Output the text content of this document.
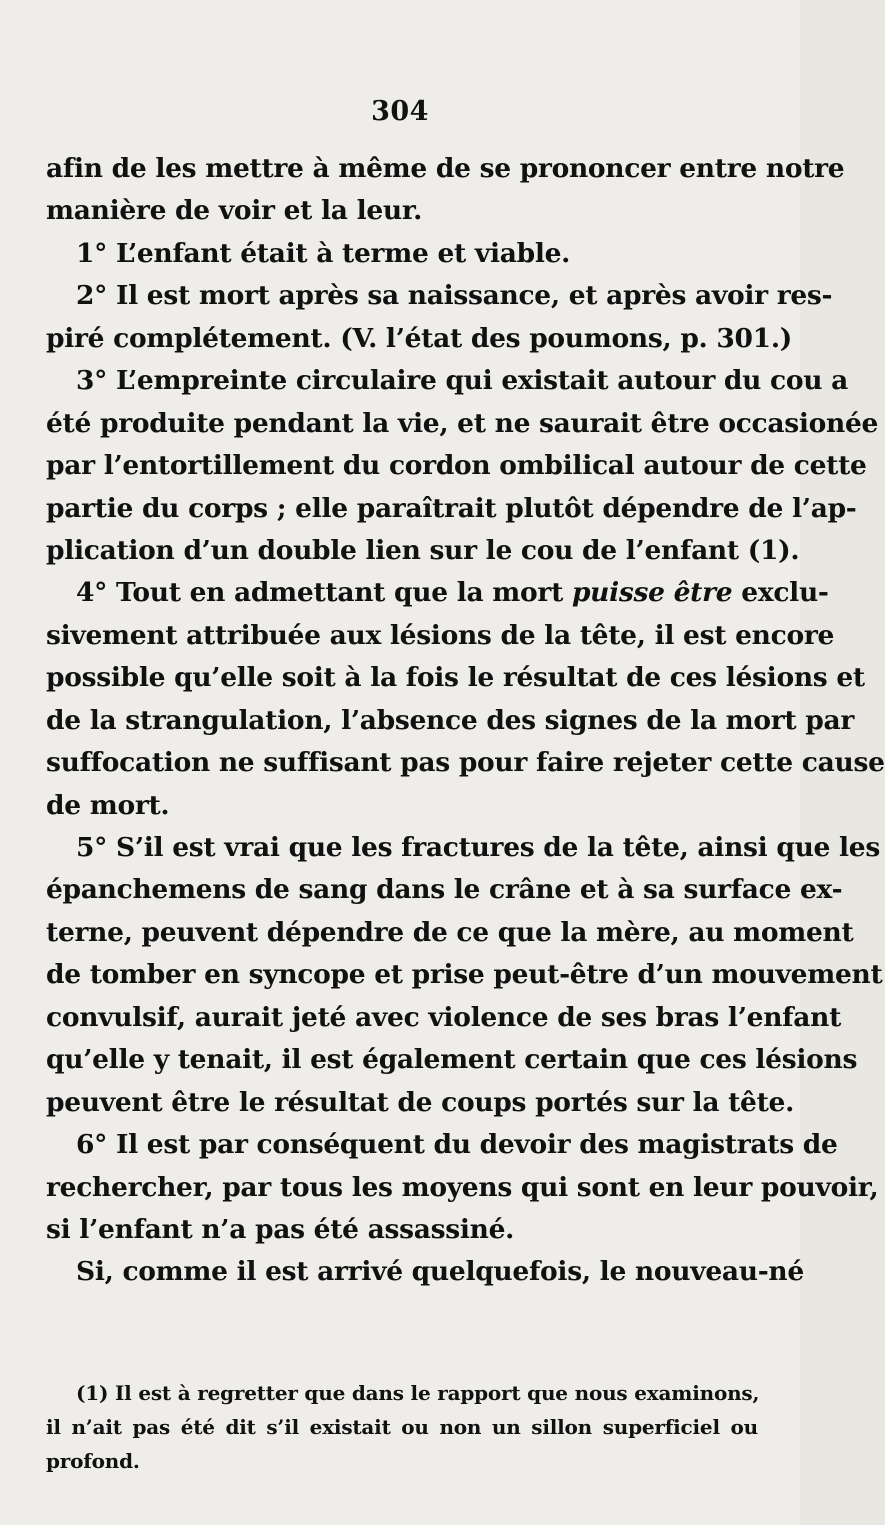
304
afin de les mettre à même de se prononcer entre notre
manière de voir et la leur.
1° L’enfant était à terme et viable.
2° Il est mort après sa naissance, et après avoir res-
piré complétement. (V. l’état des poumons, p. 301.)
3° L’empreinte circulaire qui existait autour du cou a
été produite pendant la vie, et ne saurait être occasionée
par l’entortillement du cordon ombilical autour de cette
partie du corps ; elle paraîtrait plutôt dépendre de l’ap-
plication d’un double lien sur le cou de l’enfant (1).
4° Tout en admettant que la mort puisse être exclu-
sivement attribuée aux lésions de la tête, il est encore
possible qu’elle soit à la fois le résultat de ces lésions et
de la strangulation, l’absence des signes de la mort par
suffocation ne suffisant pas pour faire rejeter cette cause
de mort.
5° S’il est vrai que les fractures de la tête, ainsi que les
épanchemens de sang dans le crâne et à sa surface ex-
terne, peuvent dépendre de ce que la mère, au moment
de tomber en syncope et prise peut-être d’un mouvement
convulsif, aurait jeté avec violence de ses bras l’enfant
qu’elle y tenait, il est également certain que ces lésions
peuvent être le résultat de coups portés sur la tête.
6° Il est par conséquent du devoir des magistrats de
rechercher, par tous les moyens qui sont en leur pouvoir,
si l’enfant n’a pas été assassiné.
Si, comme il est arrivé quelquefois, le nouveau-né
(1) Il est à regretter que dans le rapport que nous examinons,
il n’ait pas été dit s’il existait ou non un sillon superficiel ou
profond.
